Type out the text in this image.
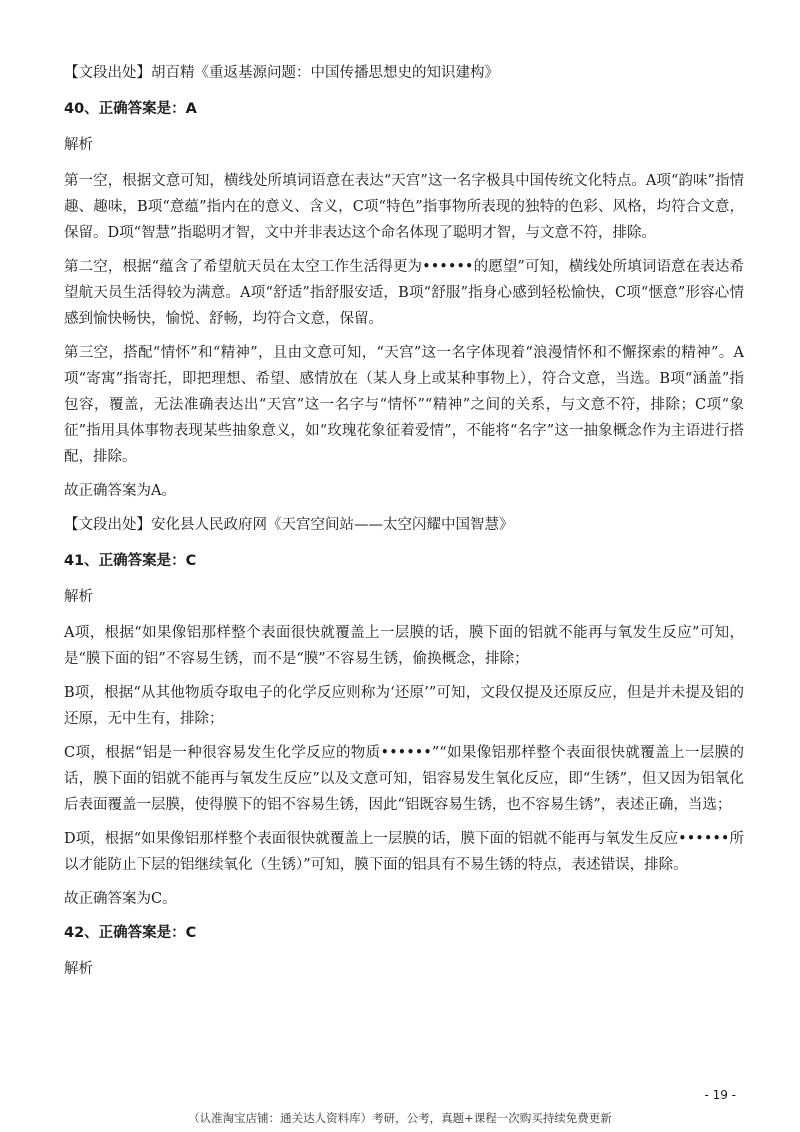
【文段出处】胡百精《重返基源问题：中国传播思想史的知识建构》

40、正确答案是：A

解析

第一空，根据文意可知，横线处所填词语意在表达“天宫”这一名字极具中国传统文化特点。A项“韵味”指情趣、趣味，B项“意蕴”指内在的意义、含义，C项“特色”指事物所表现的独特的色彩、风格，均符合文意，保留。D项“智慧”指聪明才智，文中并非表达这个命名体现了聪明才智，与文意不符，排除。

第二空，根据“蕴含了希望航天员在太空工作生活得更为••••••的愿望”可知，横线处所填词语意在表达希望航天员生活得较为满意。A项“舒适”指舒服安适，B项“舒服”指身心感到轻松愉快，C项“惬意”形容心情感到愉快畅快，愉悦、舒畅，均符合文意，保留。

第三空，搭配“情怀”和“精神”，且由文意可知，“天宫”这一名字体现着“浪漫情怀和不懈探索的精神”。A项“寄寓”指寄托，即把理想、希望、感情放在（某人身上或某种事物上），符合文意，当选。B项“涵盖”指包容，覆盖，无法准确表达出“天宫”这一名字与“情怀”“精神”之间的关系，与文意不符，排除；C项“象征”指用具体事物表现某些抽象意义，如“玫瑰花象征着爱情”，不能将“名字”这一抽象概念作为主语进行搭配，排除。

故正确答案为A。

【文段出处】安化县人民政府网《天宫空间站——太空闪耀中国智慧》

41、正确答案是：C

解析

A项，根据“如果像铝那样整个表面很快就覆盖上一层膜的话，膜下面的铝就不能再与氧发生反应”可知，是“膜下面的铝”不容易生锈，而不是“膜”不容易生锈，偷换概念，排除；

B项，根据“从其他物质夺取电子的化学反应则称为‘还原’”可知，文段仅提及还原反应，但是并未提及铝的还原，无中生有，排除；

C项，根据“铝是一种很容易发生化学反应的物质••••••”“如果像铝那样整个表面很快就覆盖上一层膜的话，膜下面的铝就不能再与氧发生反应”以及文意可知，铝容易发生氧化反应，即“生锈”，但又因为铝氧化后表面覆盖一层膜，使得膜下的铝不容易生锈，因此“铝既容易生锈，也不容易生锈”，表述正确，当选；

D项，根据“如果像铝那样整个表面很快就覆盖上一层膜的话，膜下面的铝就不能再与氧发生反应••••••所以才能防止下层的铝继续氧化（生锈）”可知，膜下面的铝具有不易生锈的特点，表述错误，排除。

故正确答案为C。

42、正确答案是：C

解析

- 19 -
（认准淘宝店铺：通关达人资料库）考研，公考，真题+课程一次购买持续免费更新
